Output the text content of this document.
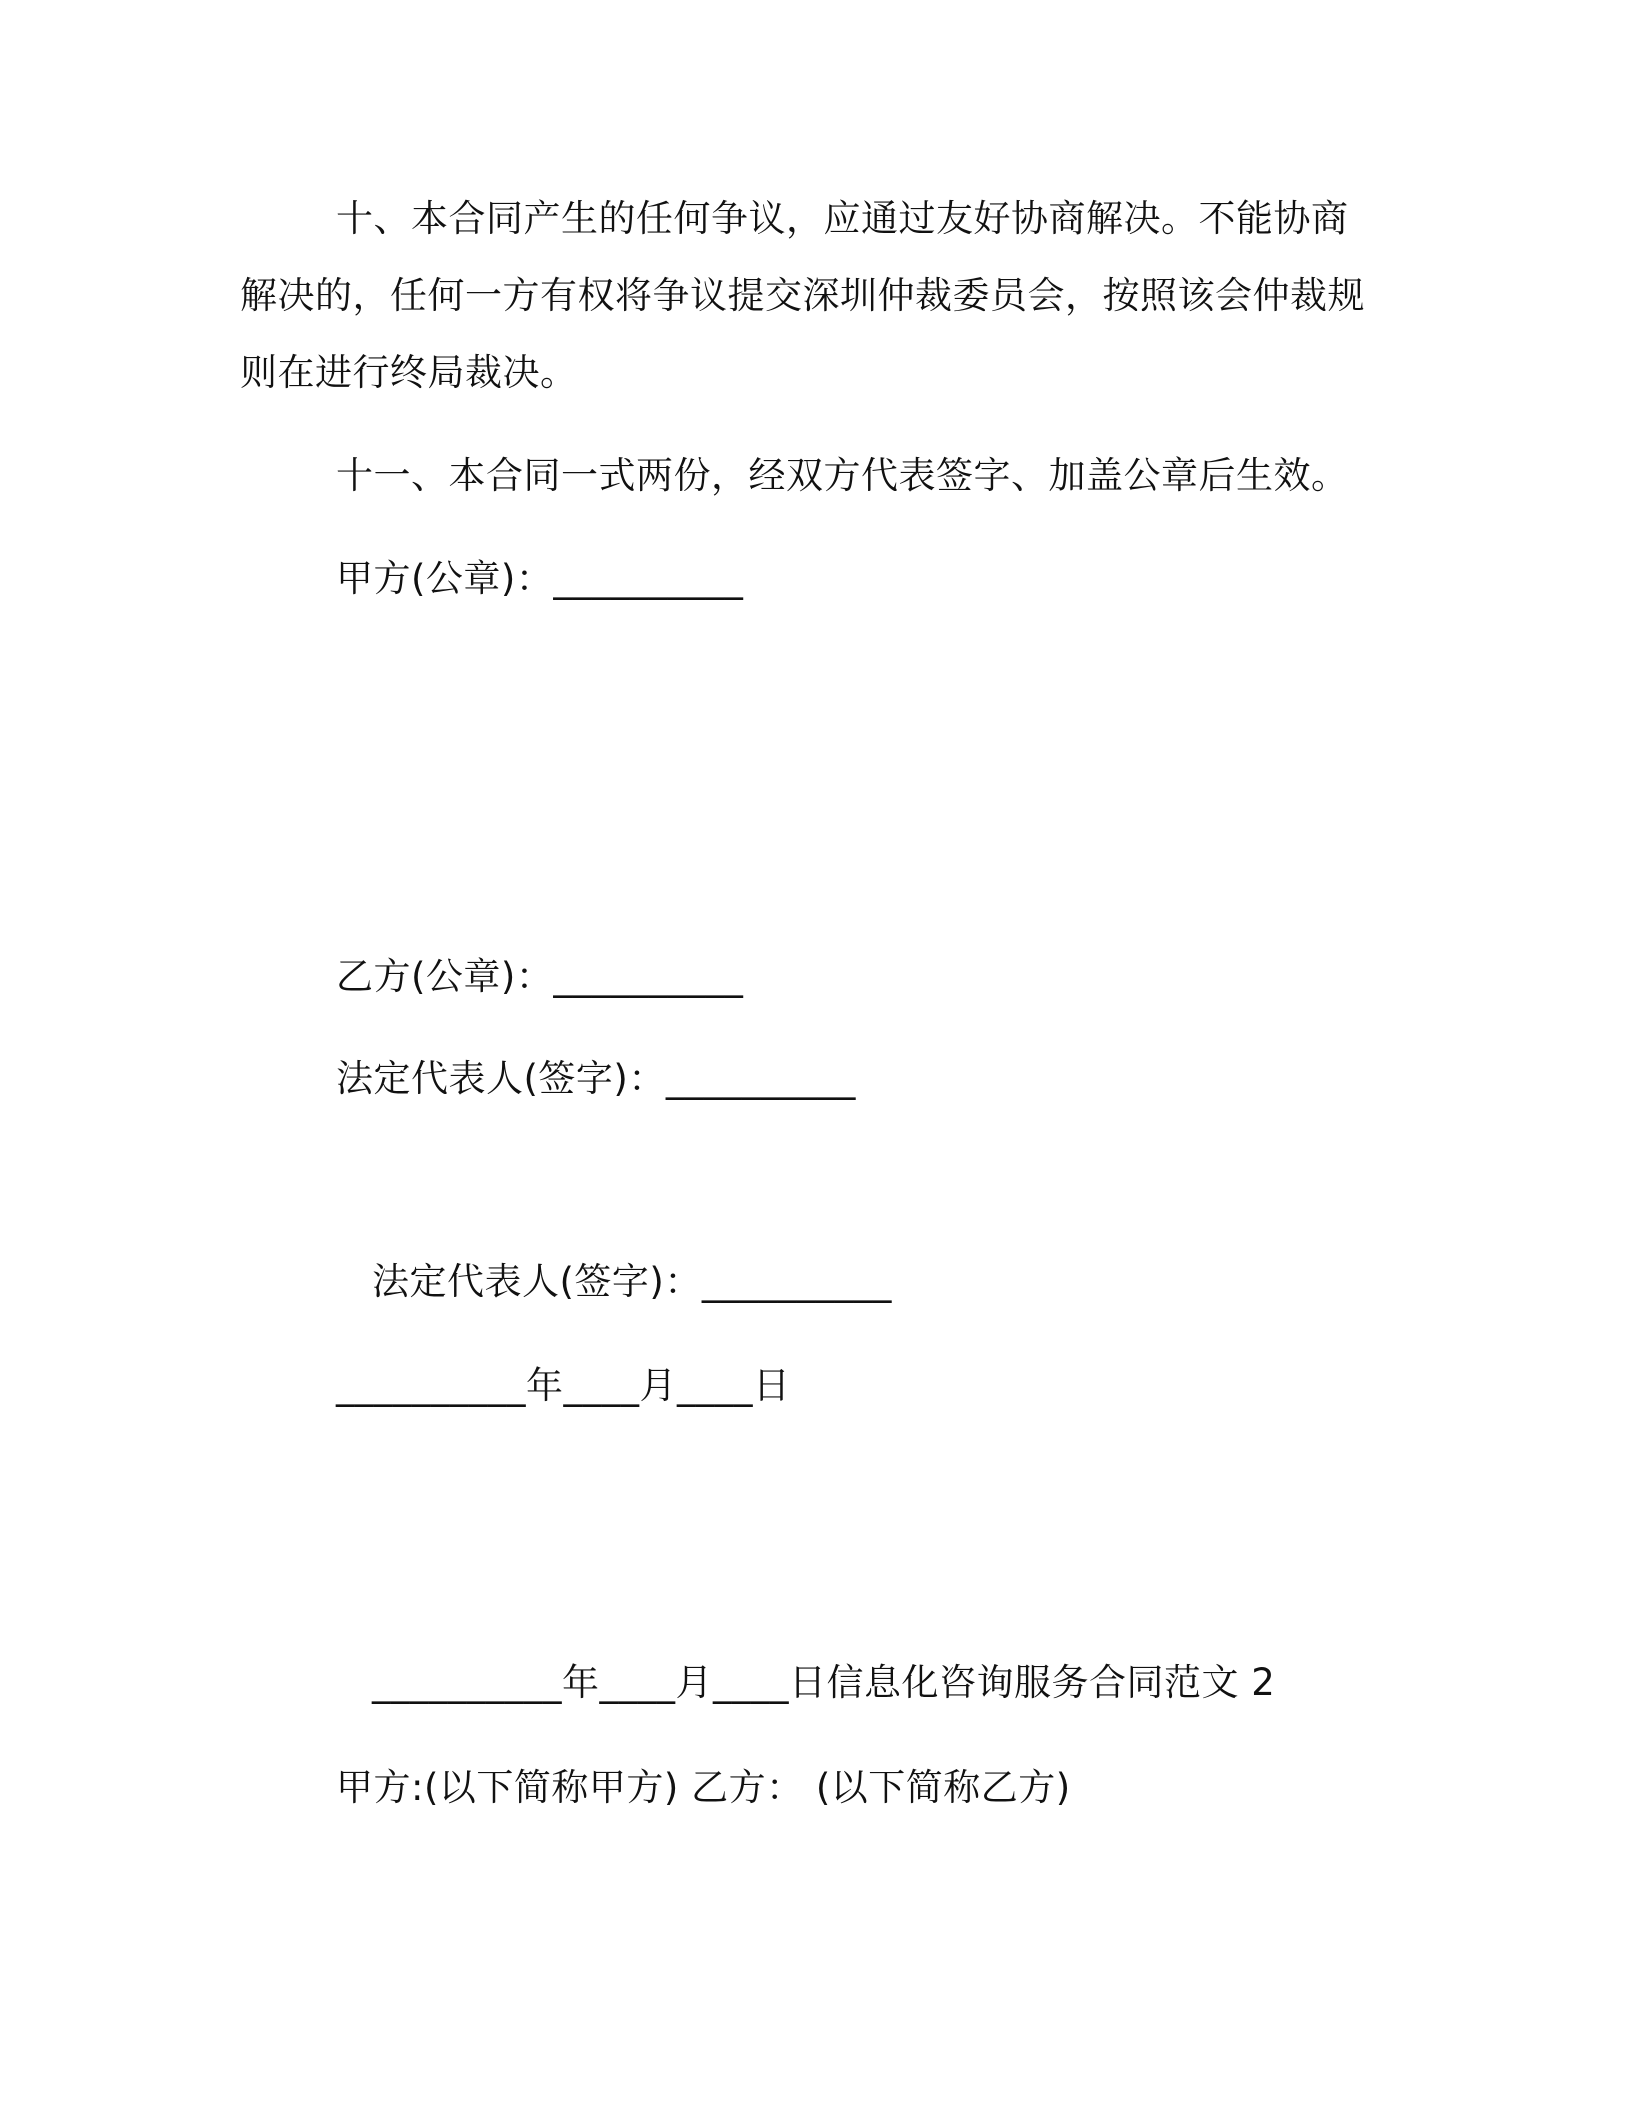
十、本合同产生的任何争议，应通过友好协商解决。不能协商解决的，任何一方有权将争议提交深圳仲裁委员会，按照该会仲裁规则在进行终局裁决。
十一、本合同一式两份，经双方代表签字、加盖公章后生效。
甲方(公章)：__________
乙方(公章)：__________
法定代表人(签字)：__________
法定代表人(签字)：__________
__________年____月____日
__________年____月____日信息化咨询服务合同范文 2
甲方:(以下简称甲方) 乙方： (以下简称乙方)
